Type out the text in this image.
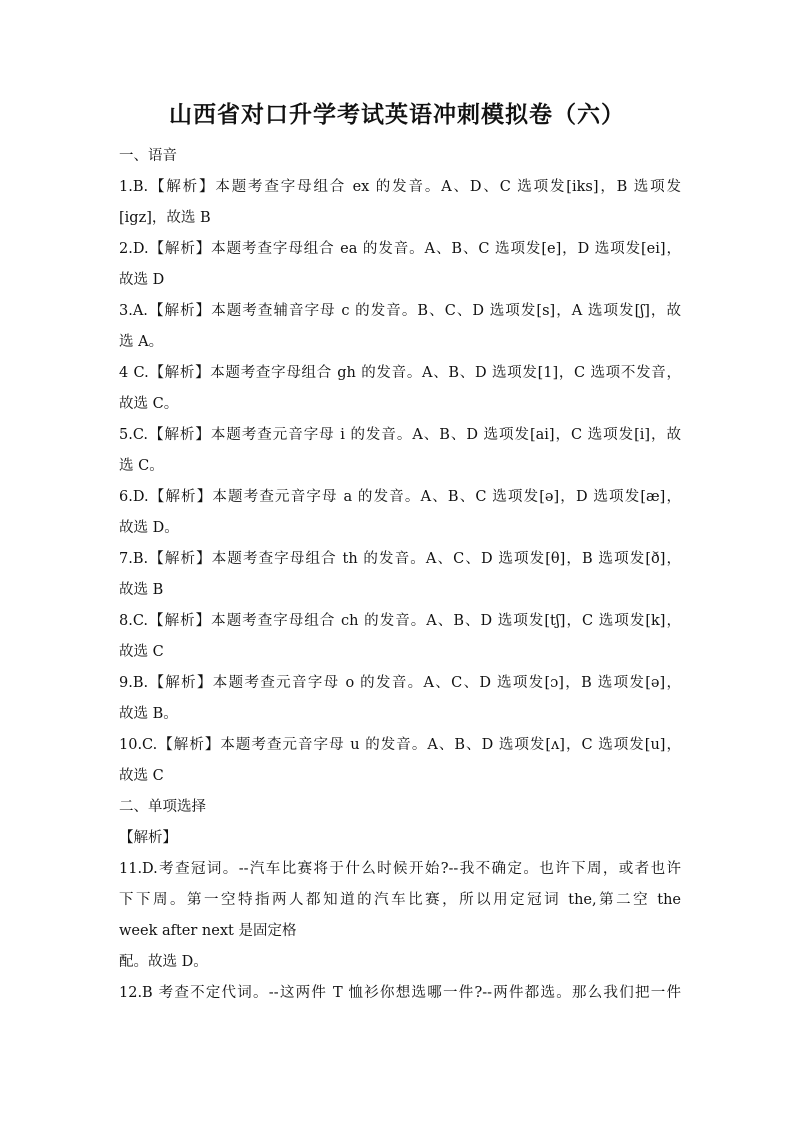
山西省对口升学考试英语冲刺模拟卷（六）
一、语音
1.B.【解析】本题考查字母组合 ex 的发音。A、D、C 选项发[iks]，B 选项发
[igz]，故选 B
2.D.【解析】本题考查字母组合 ea 的发音。A、B、C 选项发[e]，D 选项发[ei]，
故选 D
3.A.【解析】本题考查辅音字母 c 的发音。B、C、D 选项发[s]，A 选项发[ʃ]，故
选 A。
4 C.【解析】本题考查字母组合 gh 的发音。A、B、D 选项发[1]，C 选项不发音，
故选 C。
5.C.【解析】本题考查元音字母 i 的发音。A、B、D 选项发[ai]，C 选项发[i]，故
选 C。
6.D.【解析】本题考查元音字母 a 的发音。A、B、C 选项发[ə]，D 选项发[æ]，
故选 D。
7.B.【解析】本题考查字母组合 th 的发音。A、C、D 选项发[θ]，B 选项发[ð]，
故选 B
8.C.【解析】本题考查字母组合 ch 的发音。A、B、D 选项发[tʃ]，C 选项发[k]，
故选 C
9.B.【解析】本题考查元音字母 o 的发音。A、C、D 选项发[ɔ]，B 选项发[ə]，
故选 B。
10.C.【解析】本题考查元音字母 u 的发音。A、B、D 选项发[ʌ]，C 选项发[u]，
故选 C
二、单项选择
【解析】
11.D.考查冠词。--汽车比赛将于什么时候开始?--我不确定。也许下周，或者也许
下下周。第一空特指两人都知道的汽车比赛，所以用定冠词 the,第二空 the
week after next 是固定格
配。故选 D。
12.B 考查不定代词。--这两件 T 恤衫你想选哪一件?--两件都选。那么我们把一件
